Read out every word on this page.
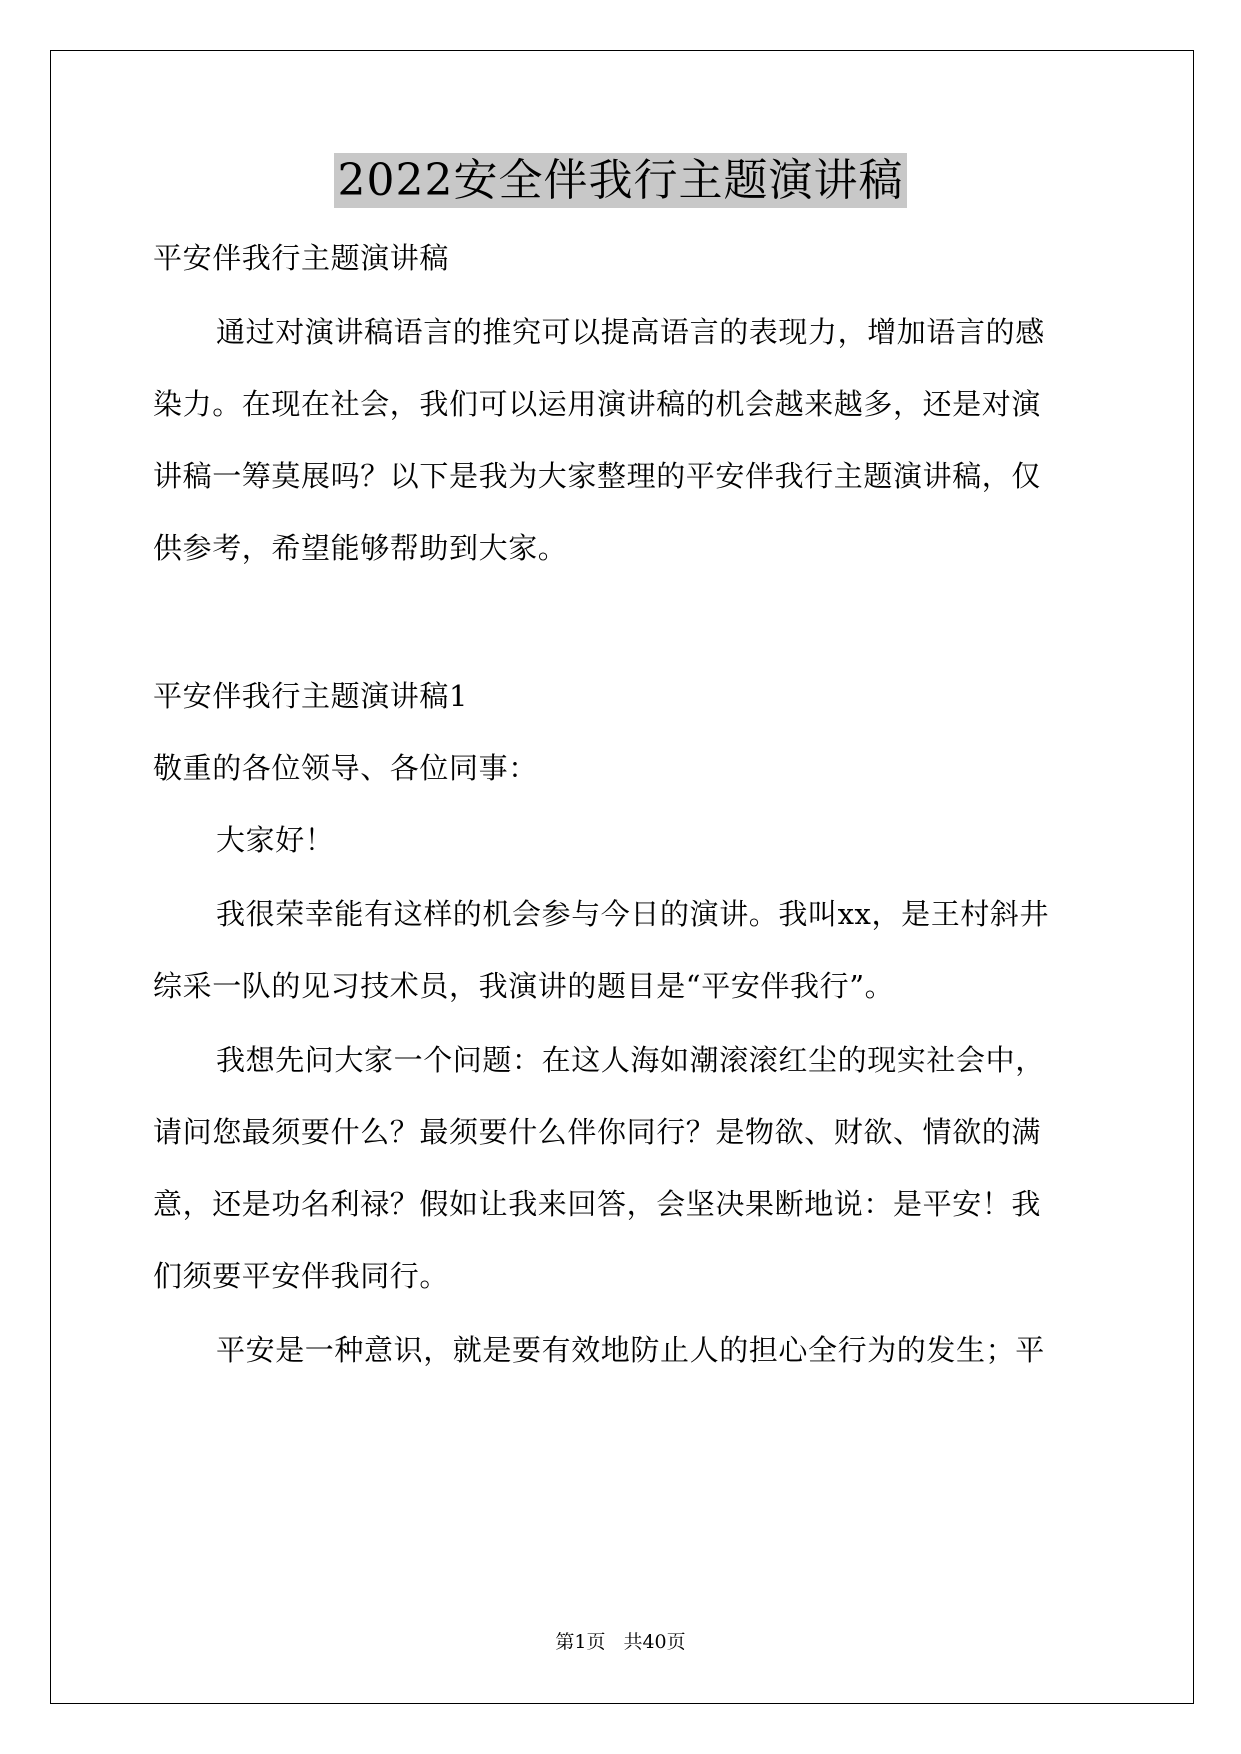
2022安全伴我行主题演讲稿
平安伴我行主题演讲稿
通过对演讲稿语言的推究可以提高语言的表现力，增加语言的感
染力。在现在社会，我们可以运用演讲稿的机会越来越多，还是对演
讲稿一筹莫展吗？以下是我为大家整理的平安伴我行主题演讲稿，仅
供参考，希望能够帮助到大家。
平安伴我行主题演讲稿1
敬重的各位领导、各位同事：
大家好！
我很荣幸能有这样的机会参与今日的演讲。我叫xx，是王村斜井
综采一队的见习技术员，我演讲的题目是“平安伴我行”。
我想先问大家一个问题：在这人海如潮滚滚红尘的现实社会中，
请问您最须要什么？最须要什么伴你同行？是物欲、财欲、情欲的满
意，还是功名利禄？假如让我来回答，会坚决果断地说：是平安！我
们须要平安伴我同行。
平安是一种意识，就是要有效地防止人的担心全行为的发生；平
第1页 共40页
